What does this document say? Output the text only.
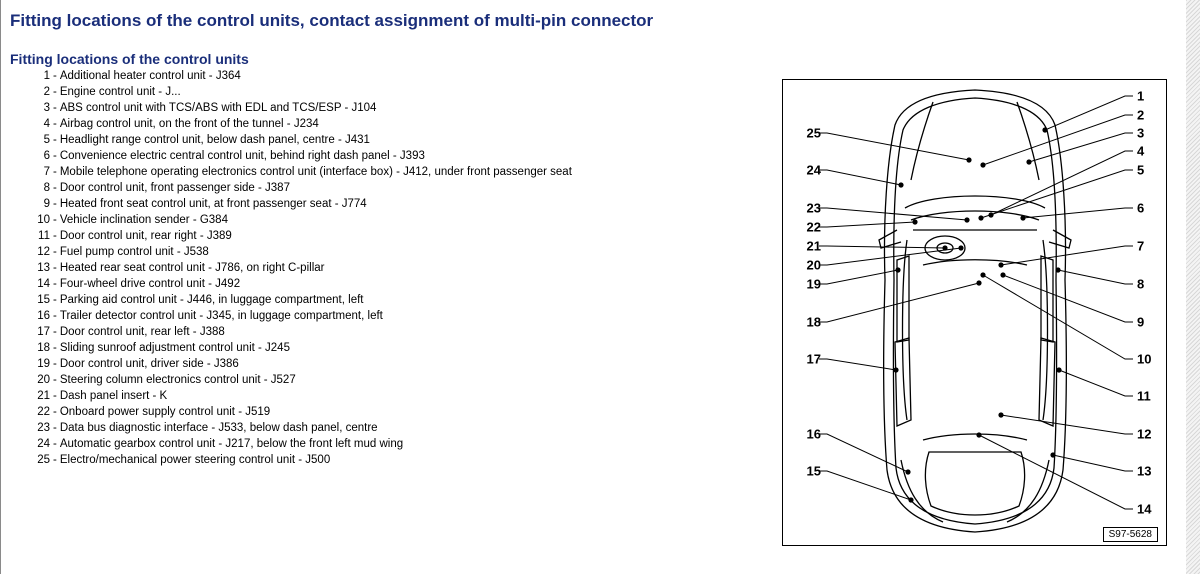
Fitting locations of the control units, contact assignment of multi-pin connector
Fitting locations of the control units
1 - Additional heater control unit - J364
2 - Engine control unit - J...
3 - ABS control unit with TCS/ABS with EDL and TCS/ESP - J104
4 - Airbag control unit, on the front of the tunnel - J234
5 - Headlight range control unit, below dash panel, centre - J431
6 - Convenience electric central control unit, behind right dash panel - J393
7 - Mobile telephone operating electronics control unit (interface box) - J412, under front passenger seat
8 - Door control unit, front passenger side - J387
9 - Heated front seat control unit, at front passenger seat - J774
10 - Vehicle inclination sender - G384
11 - Door control unit, rear right - J389
12 - Fuel pump control unit - J538
13 - Heated rear seat control unit - J786, on right C-pillar
14 - Four-wheel drive control unit - J492
15 - Parking aid control unit - J446, in luggage compartment, left
16 - Trailer detector control unit - J345, in luggage compartment, left
17 - Door control unit, rear left - J388
18 - Sliding sunroof adjustment control unit - J245
19 - Door control unit, driver side - J386
20 - Steering column electronics control unit - J527
21 - Dash panel insert - K
22 - Onboard power supply control unit - J519
23 - Data bus diagnostic interface - J533, below dash panel, centre
24 - Automatic gearbox control unit - J217, below the front left mud wing
25 - Electro/mechanical power steering control unit - J500
1
2
3
4
5
6
7
8
9
10
11
12
13
14
25
24
23
22
21
20
19
18
17
16
15
S97-5628
